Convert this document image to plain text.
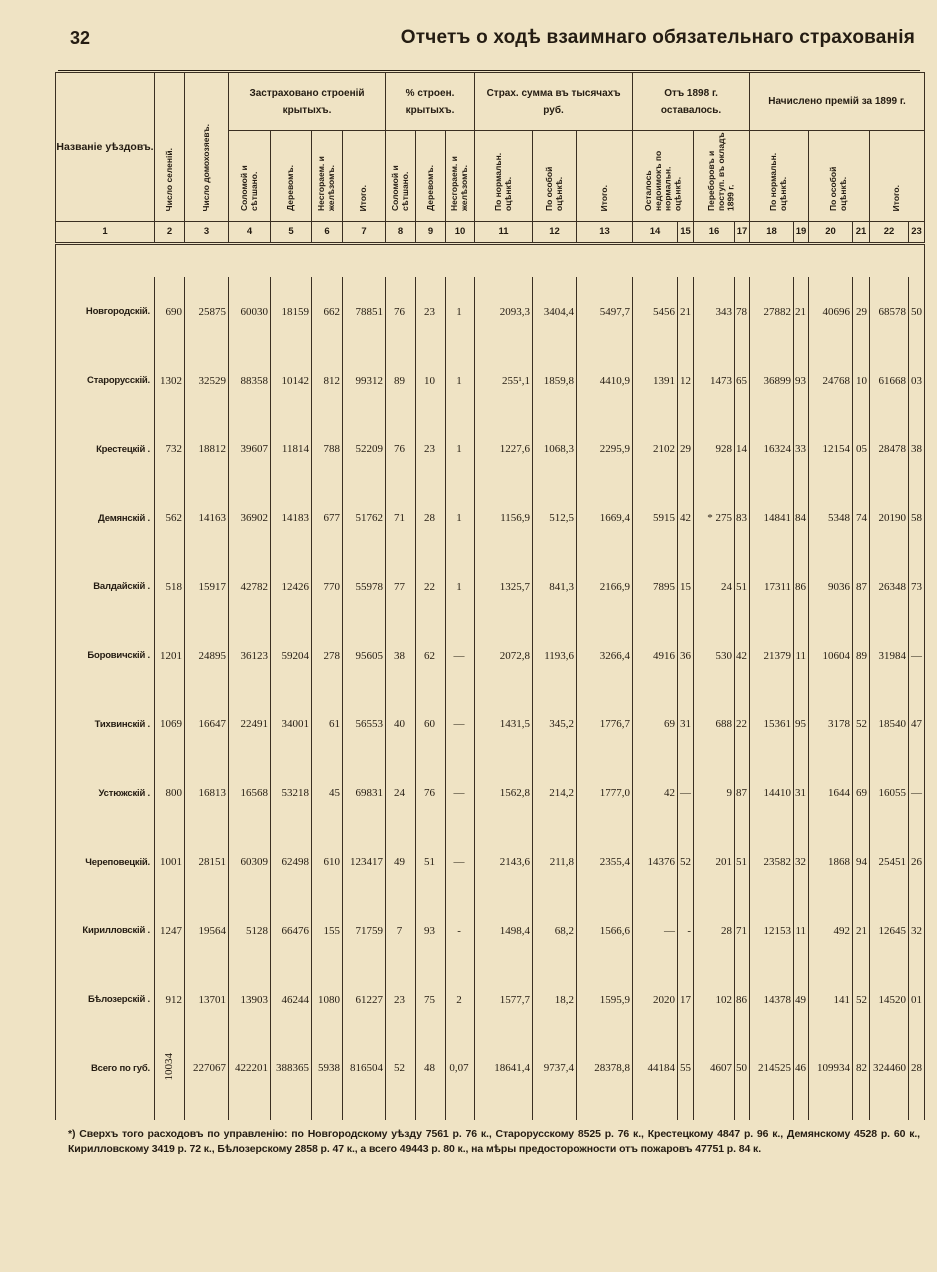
32	Отчетъ о ходѣ взаимнаго обязательнаго страхованія
Названіе уѣздовъ.	Число селеній.	Число домохозяевъ.	Застраховано строеній крытыхъ.				% строен. крытыхъ.			Страх. сумма въ тысячахъ руб.			Отъ 1898 г. оставалось.				Начислено премій за 1899 г.					
			Соломой и сѣтшано.	Деревомъ.	Несгораем. и желѣзомъ.	Итого.	Соломой и сѣтшано.	Деревомъ.	Несгораем. и желѣзомъ.	По нормальн. оцѣнкѣ.	По особой оцѣнкѣ.	Итого.	Осталось недоимокъ по нормальн. оцѣнкѣ.		Переборовъ и поступ. въ окладъ 1899 г.		По нормальн. оцѣнкѣ.		По особой оцѣнкѣ.		Итого.	
1	2	3	4	5	6	7	8	9	10	11	12	13	14	15	16	17	18	19	20	21	22	23

Новгородскій.	690	25875	60030	18159	662	78851	76	23	1	2093,3	3404,4	5497,7	5456	21	343	78	27882	21	40696	29	68578	50
Старорусскій.	1302	32529	88358	10142	812	99312	89	10	1	255¹,1	1859,8	4410,9	1391	12	1473	65	36899	93	24768	10	61668	03
Крестецкій .	732	18812	39607	11814	788	52209	76	23	1	1227,6	1068,3	2295,9	2102	29	928	14	16324	33	12154	05	28478	38
Демянскій .	562	14163	36902	14183	677	51762	71	28	1	1156,9	512,5	1669,4	5915	42	* 275	83	14841	84	5348	74	20190	58
Валдайскій .	518	15917	42782	12426	770	55978	77	22	1	1325,7	841,3	2166,9	7895	15	24	51	17311	86	9036	87	26348	73
Боровичскій .	1201	24895	36123	59204	278	95605	38	62	—	2072,8	1193,6	3266,4	4916	36	530	42	21379	11	10604	89	31984	—
Тихвинскій .	1069	16647	22491	34001	61	56553	40	60	—	1431,5	345,2	1776,7	69	31	688	22	15361	95	3178	52	18540	47
Устюжскій .	800	16813	16568	53218	45	69831	24	76	—	1562,8	214,2	1777,0	42	—	9	87	14410	31	1644	69	16055	—
Череповецкій.	1001	28151	60309	62498	610	123417	49	51	—	2143,6	211,8	2355,4	14376	52	201	51	23582	32	1868	94	25451	26
Кирилловскій .	1247	19564	5128	66476	155	71759	7	93	-	1498,4	68,2	1566,6	—	-	28	71	12153	11	492	21	12645	32
Бѣлозерскій .	912	13701	13903	46244	1080	61227	23	75	2	1577,7	18,2	1595,9	2020	17	102	86	14378	49	141	52	14520	01
Всего по губ.	10034	227067	422201	388365	5938	816504	52	48	0,07	18641,4	9737,4	28378,8	44184	55	4607	50	214525	46	109934	82	324460	28

*) Сверхъ того расходовъ по управленію: по Новгородскому уѣзду 7561 р. 76 к., Старорусскому 8525 р. 76 к., Крестецкому 4847 р. 96 к., Демянскому 4528 р. 60 к., Кирилловскому 3419 р. 72 к., Бѣлозерскому 2858 р. 47 к., а всего 49443 р. 80 к., на мѣры предосторожности отъ пожаровъ 47751 р. 84 к.
